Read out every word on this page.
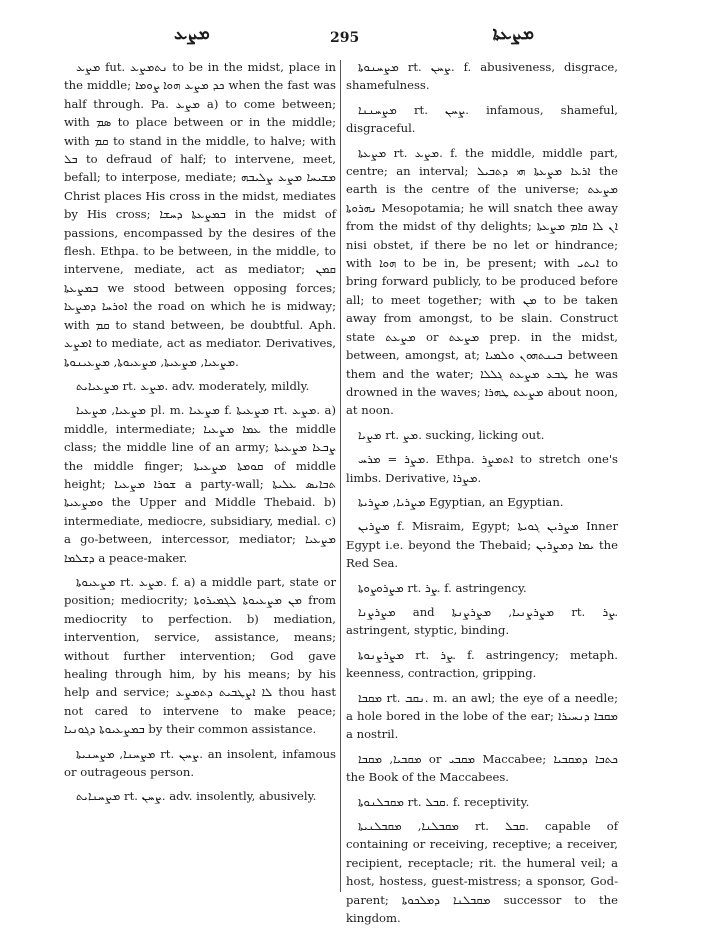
ܡܨܥ	295	ܡܨܥܬܐ

ܡܨܥ fut. ܢܬܡܨܥ to be in the midst, place in the middle; ܟܕ ܡܨܥ ܗܘܐ ܨܘܡܐ when the fast was half through. Pa. ܡܨܥ a) to come between; with ܣܡ to place between or in the middle; with ܩܡ to stand in the middle, to halve; with ܒܠ to defraud of half; to intervene, meet, befall; to interpose, mediate; ܡܫܝܚܐ ܡܨܥ ܨܠܝܒܗ Christ places His cross in the midst, mediates by His cross; ܒܡܨܥܬܐ ܕܚܫܐ in the midst of passions, encompassed by the desires of the flesh. Ethpa. to be between, in the middle, to intervene, mediate, act as mediator; ܩܡܢ ܒܡܨܥܬܐ we stood between opposing forces; ܐܘܪܚܐ ܕܡܨܥܐ the road on which he is midway; with ܩܡ to stand between, be doubtful. Aph. ܐܡܨܥ to mediate, act as mediator. Derivatives, ܡܨܥܝܐ, ܡܨܥܝܬܐ, ܡܨܥܝܘܬܐ, ܡܨܥܝܢܘܬܐ.

ܡܨܥܝܐܝܬ rt. ܡܨܥ. adv. moderately, mildly.

ܡܨܥܝܐ, ܡܨܥܝܐ pl. m. ܡܨܥܝܐ f. ܡܨܥܝܬܐ rt. ܡܨܥ. a) middle, intermediate; ܥܡܐ ܡܨܥܝܐ the middle class; the middle line of an army; ܨܒܥܐ ܡܨܥܝܬܐ the middle finger; ܩܘܡܬܐ ܡܨܥܝܬܐ of middle height; ܫܘܪܐ ܡܨܥܝܐ a party-wall; ܬܒܐܝܣ ܥܠܝܬܐ ܘܡܨܥܝܬܐ the Upper and Middle Thebaid. b) intermediate, mediocre, subsidiary, medial. c) a go-between, intercessor, mediator; ܡܨܥܝܐ ܕܫܠܡܐ a peace-maker.

ܡܨܥܝܘܬܐ rt. ܡܨܥ. f. a) a middle part, state or position; mediocrity; ܡܢ ܡܨܥܝܘܬܐ ܠܓܡܝܪܘܬܐ from mediocrity to perfection. b) mediation, intervention, service, assistance, means; without further intervention; God gave healing through him, by his means; by his help and service; ܠܐ ܐܨܛܒܝܬ ܕܬܡܨܥ thou hast not cared to intervene to make peace; ܒܡܨܥܝܘܬܐ ܕܓܘܢܝܐ by their common assistance.

ܡܨܚܢܐ, ܡܨܚܢܝܬܐ rt. ܨܚܢ. an insolent, infamous or outrageous person.

ܡܨܚܢܐܝܬ rt. ܨܚܢ. adv. insolently, abusively.

ܡܨܚܢܘܬܐ rt. ܨܚܢ. f. abusiveness, disgrace, shamefulness.

ܡܨܚܢܢܐ rt. ܨܚܢ. infamous, shameful, disgraceful.

ܡܨܥܬܐ rt. ܡܨܥ. f. the middle, middle part, centre; an interval; ܐܪܥܐ ܡܨܥܬܐ ܗܝ ܕܬܒܝܠ the earth is the centre of the universe; ܡܨܥܬ ܢܗܪܘܬܐ Mesopotamia; he will snatch thee away from the midst of thy delights; ܐܢ ܠܐ ܩܐܡ ܡܨܥܬܐ nisi obstet, if there be no let or hindrance; with ܗܘܐ to be in, be present; with ܐܝܬܝ to bring forward publicly, to be produced before all; to meet together; with ܡܢ to be taken away from amongst, to be slain. Construct state ܡܨܥܬ or ܡܨܥܬ prep. in the midst, between, amongst, at; ܒܝܢܬܗܘܢ ܘܠܡܝܐ between them and the water; ܛܒܥ ܡܨܥܬ ܓܠܠܐ he was drowned in the waves; ܡܨܥܬ ܛܗܪܐ about noon, at noon.

ܡܨܝܐ rt. ܡܨ. sucking, licking out.

ܡܨܪ = ܡܪܚ. Ethpa. ܐܬܡܨܪ to stretch one's limbs. Derivative, ܡܨܪܐ.

ܡܨܪܝܐ, ܡܨܪܝܬܐ Egyptian, an Egyptian.

ܡܨܪܝܢ f. Misraim, Egypt; ܡܨܪܝܢ ܓܘܝܬܐ Inner Egypt i.e. beyond the Thebaid; ܝܡܐ ܕܡܨܪܝܢ the Red Sea.

ܡܨܪܘܨܘܬܐ rt. ܨܪ. f. astringency.

ܡܨܪܨܢܐ and ܡܨܪܨܢܝܐ, ܡܨܪܨܢܬܐ rt. ܨܪ. astringent, styptic, binding.

ܡܨܪܨܢܘܬܐ rt. ܨܪ. f. astringency; metaph. keenness, contraction, gripping.

ܡܩܒܐ rt. ܢܩܒ. m. an awl; the eye of a needle; a hole bored in the lobe of the ear; ܡܩܒܐ ܕܢܚܝܪܐ a nostril.

ܡܩܒܝܐ, ܡܩܒܐ or ܡܩܒܝ Maccabee; ܟܬܒܐ ܕܡܩܒܝܐ the Book of the Maccabees.

ܡܩܒܠܢܘܬܐ rt. ܩܒܠ. f. receptivity.

ܡܩܒܠܢܐ, ܡܩܒܠܢܝܬܐ rt. ܩܒܠ. capable of containing or receiving, receptive; a receiver, recipient, receptacle; rit. the humeral veil; a host, hostess, guest-mistress; a sponsor, God-parent; ܡܩܒܠܢܐ ܕܡܠܟܘܬܐ successor to the kingdom.
